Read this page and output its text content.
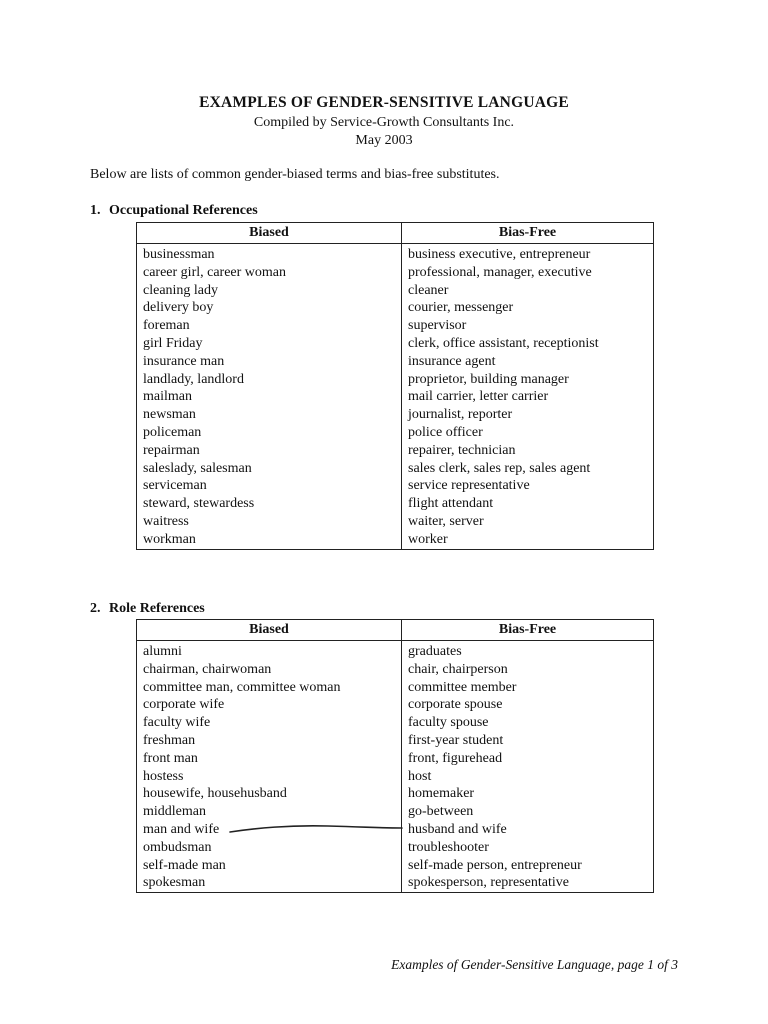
EXAMPLES OF GENDER-SENSITIVE LANGUAGE
Compiled by Service-Growth Consultants Inc.
May 2003
Below are lists of common gender-biased terms and bias-free substitutes.
1. Occupational References
Biased	Bias-Free
businessman	business executive, entrepreneur
career girl, career woman	professional, manager, executive
cleaning lady	cleaner
delivery boy	courier, messenger
foreman	supervisor
girl Friday	clerk, office assistant, receptionist
insurance man	insurance agent
landlady, landlord	proprietor, building manager
mailman	mail carrier, letter carrier
newsman	journalist, reporter
policeman	police officer
repairman	repairer, technician
saleslady, salesman	sales clerk, sales rep, sales agent
serviceman	service representative
steward, stewardess	flight attendant
waitress	waiter, server
workman	worker
2. Role References
Biased	Bias-Free
alumni	graduates
chairman, chairwoman	chair, chairperson
committee man, committee woman	committee member
corporate wife	corporate spouse
faculty wife	faculty spouse
freshman	first-year student
front man	front, figurehead
hostess	host
housewife, househusband	homemaker
middleman	go-between
man and wife	husband and wife
ombudsman	troubleshooter
self-made man	self-made person, entrepreneur
spokesman	spokesperson, representative
Examples of Gender-Sensitive Language, page 1 of 3
